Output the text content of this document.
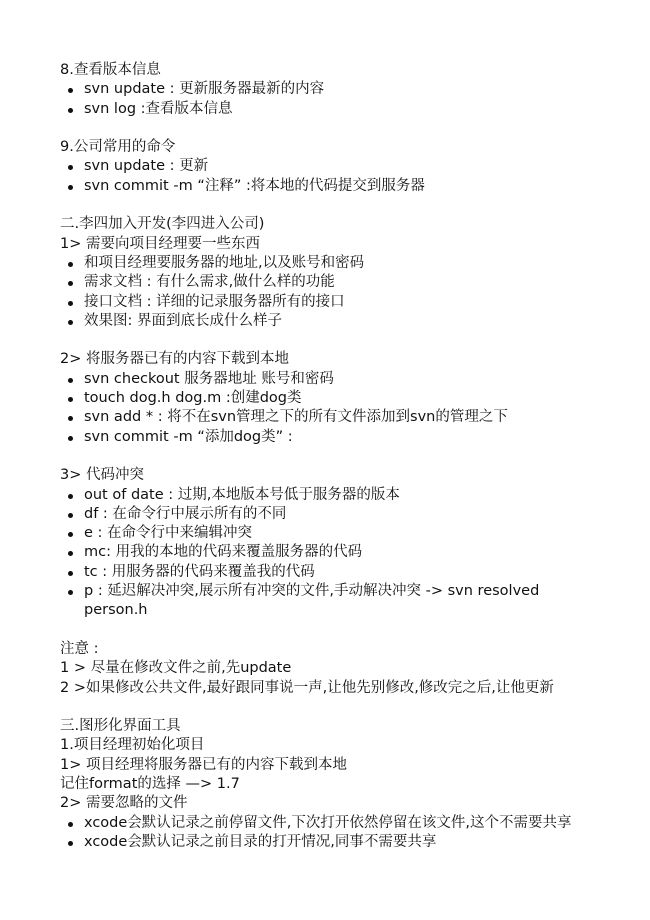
8.查看版本信息
svn update : 更新服务器最新的内容
svn log :查看版本信息
9.公司常用的命令
svn update : 更新
svn commit -m “注释” :将本地的代码提交到服务器
二.李四加入开发(李四进入公司)
1> 需要向项目经理要一些东西
和项目经理要服务器的地址,以及账号和密码
需求文档 : 有什么需求,做什么样的功能
接口文档 : 详细的记录服务器所有的接口
效果图: 界面到底长成什么样子
2> 将服务器已有的内容下载到本地
svn checkout 服务器地址 账号和密码
touch dog.h dog.m :创建dog类
svn add * : 将不在svn管理之下的所有文件添加到svn的管理之下
svn commit -m “添加dog类” :
3> 代码冲突
out of date : 过期,本地版本号低于服务器的版本
df : 在命令行中展示所有的不同
e : 在命令行中来编辑冲突
mc: 用我的本地的代码来覆盖服务器的代码
tc : 用服务器的代码来覆盖我的代码
p : 延迟解决冲突,展示所有冲突的文件,手动解决冲突 -> svn resolved person.h
注意 :
1 > 尽量在修改文件之前,先update
2 >如果修改公共文件,最好跟同事说一声,让他先别修改,修改完之后,让他更新
三.图形化界面工具
1.项目经理初始化项目
1> 项目经理将服务器已有的内容下载到本地
记住format的选择 —> 1.7
2> 需要忽略的文件
xcode会默认记录之前停留文件,下次打开依然停留在该文件,这个不需要共享
xcode会默认记录之前目录的打开情况,同事不需要共享
